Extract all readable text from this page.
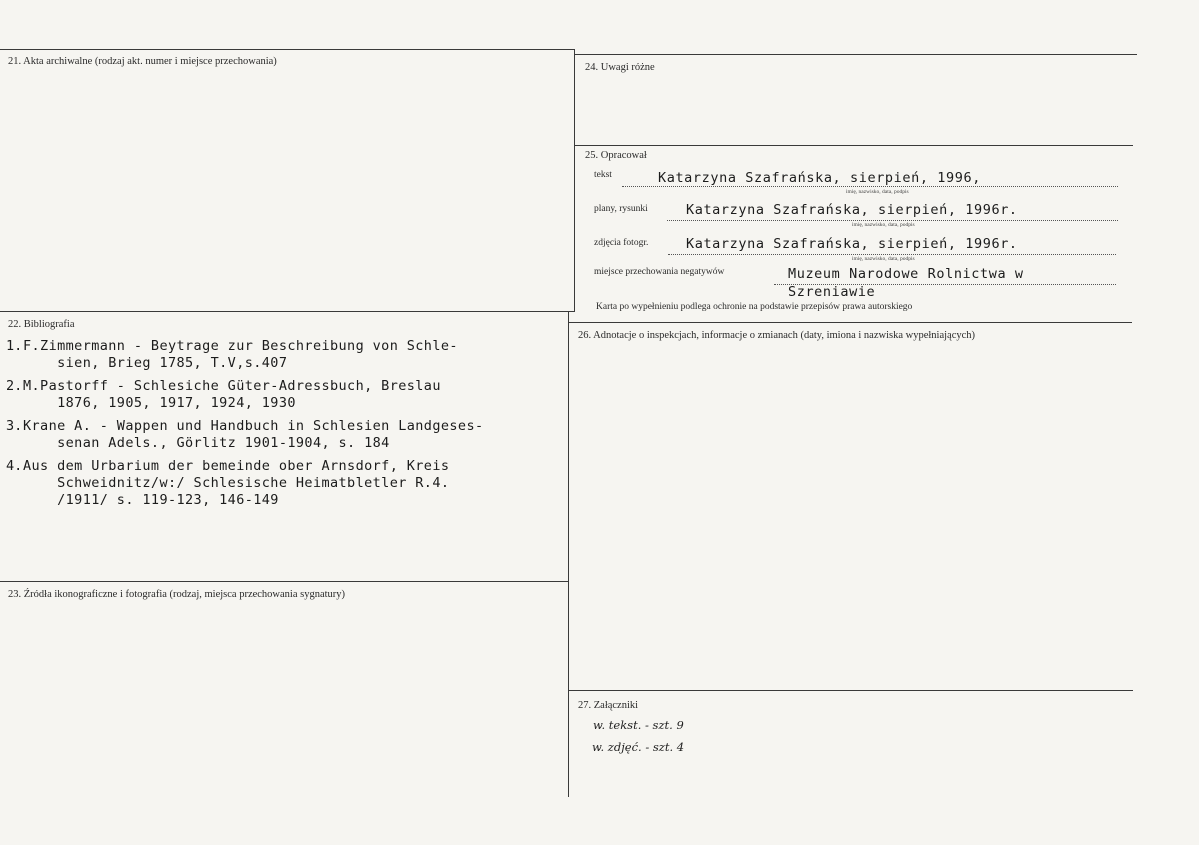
21. Akta archiwalne (rodzaj akt. numer i miejsce przechowania)
22. Bibliografia
1. F.Zimmermann - Beytrage zur Beschreibung von Schle-
sien, Brieg 1785, T.V,s.407
2. M.Pastorff - Schlesiche Güter-Adressbuch, Breslau
1876, 1905, 1917, 1924, 1930
3. Krane A. - Wappen und Handbuch in Schlesien Landgeses-
senan Adels., Görlitz 1901-1904, s. 184
4. Aus dem Urbarium der bemeinde ober Arnsdorf, Kreis
Schweidnitz/w:/ Schlesische Heimatbletler R.4.
/1911/ s. 119-123, 146-149
23. Źródła ikonograficzne i fotografia (rodzaj, miejsca przechowania sygnatury)
24. Uwagi różne
25. Opracował
tekst	Katarzyna Szafrańska, sierpień, 1996,
imię, nazwisko, data, podpis
plany, rysunki	Katarzyna Szafrańska, sierpień, 1996r.
imię, nazwisko, data, podpis
zdjęcia fotogr.	Katarzyna Szafrańska, sierpień, 1996r.
imię, nazwisko, data, podpis
miejsce przechowania negatywów	Muzeum Narodowe Rolnictwa w
Szreniawie
Karta po wypełnieniu podlega ochronie na podstawie przepisów prawa autorskiego
26. Adnotacje o inspekcjach, informacje o zmianach (daty, imiona i nazwiska wypełniających)
27. Załączniki
w. tekst. - szt. 9
w. zdjęć. - szt. 4
